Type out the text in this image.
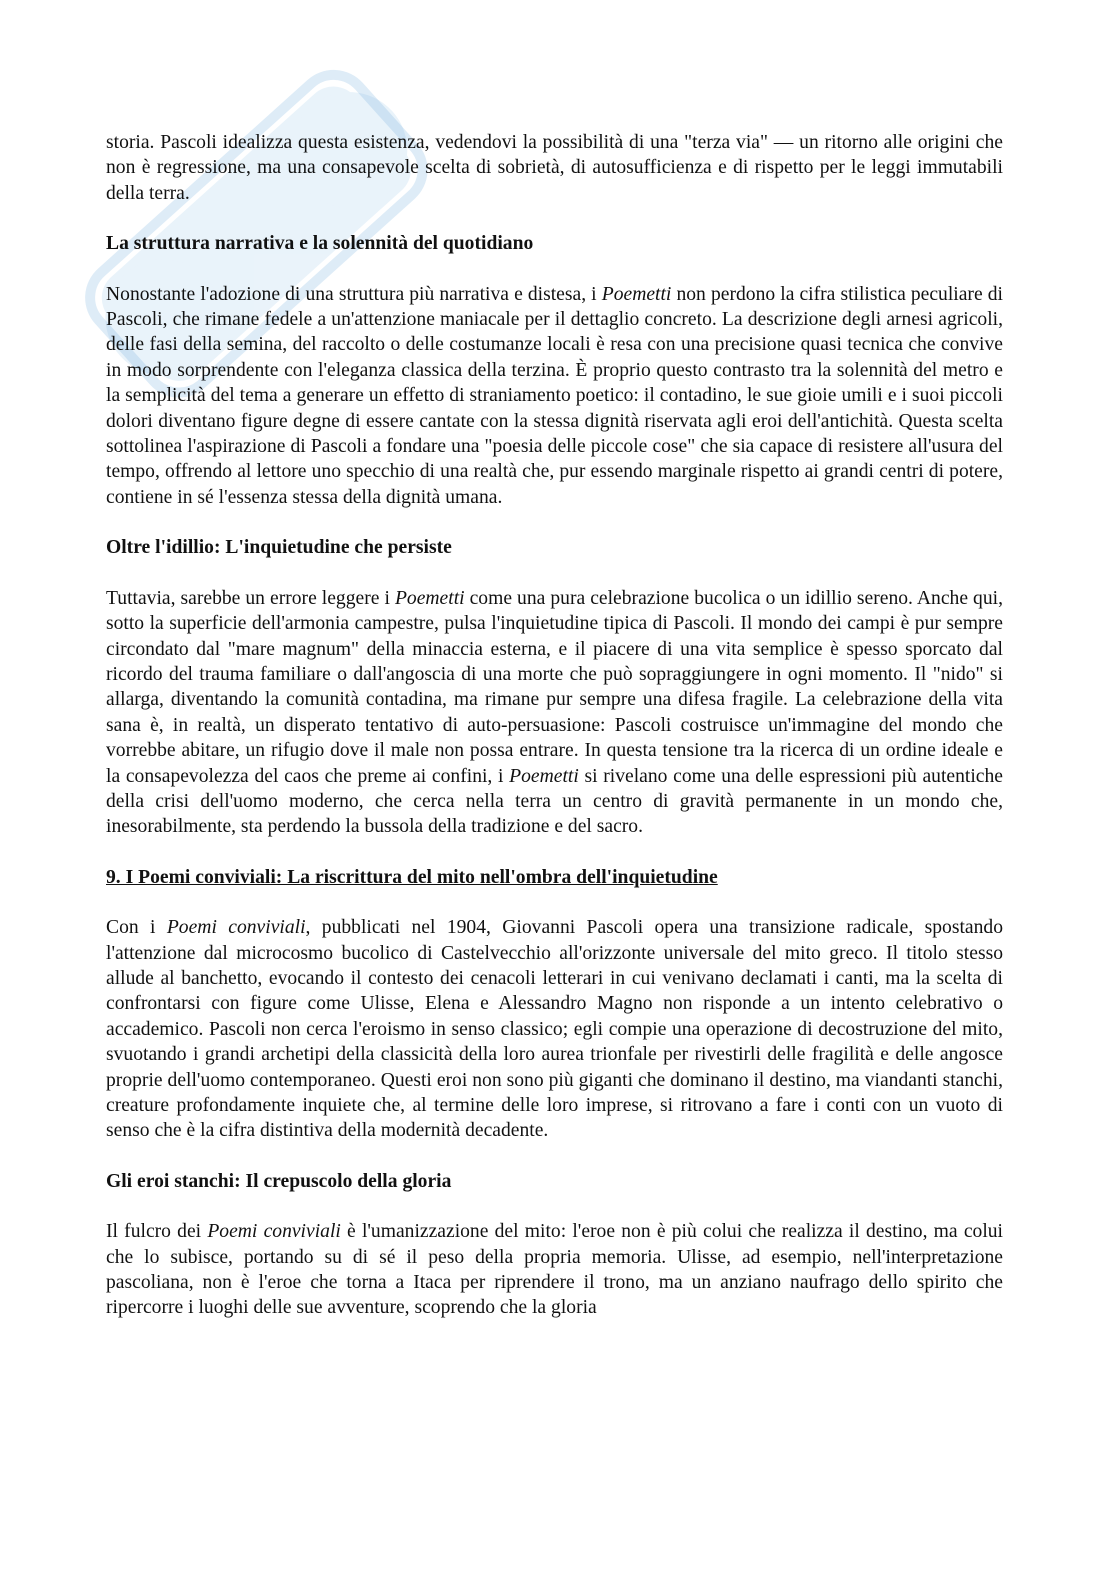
storia. Pascoli idealizza questa esistenza, vedendovi la possibilità di una "terza via" — un ritorno alle origini che non è regressione, ma una consapevole scelta di sobrietà, di autosufficienza e di rispetto per le leggi immutabili della terra.

La struttura narrativa e la solennità del quotidiano

Nonostante l'adozione di una struttura più narrativa e distesa, i Poemetti non perdono la cifra stilistica peculiare di Pascoli, che rimane fedele a un'attenzione maniacale per il dettaglio concreto. La descrizione degli arnesi agricoli, delle fasi della semina, del raccolto o delle costumanze locali è resa con una precisione quasi tecnica che convive in modo sorprendente con l'eleganza classica della terzina. È proprio questo contrasto tra la solennità del metro e la semplicità del tema a generare un effetto di straniamento poetico: il contadino, le sue gioie umili e i suoi piccoli dolori diventano figure degne di essere cantate con la stessa dignità riservata agli eroi dell'antichità. Questa scelta sottolinea l'aspirazione di Pascoli a fondare una "poesia delle piccole cose" che sia capace di resistere all'usura del tempo, offrendo al lettore uno specchio di una realtà che, pur essendo marginale rispetto ai grandi centri di potere, contiene in sé l'essenza stessa della dignità umana.

Oltre l'idillio: L'inquietudine che persiste

Tuttavia, sarebbe un errore leggere i Poemetti come una pura celebrazione bucolica o un idillio sereno. Anche qui, sotto la superficie dell'armonia campestre, pulsa l'inquietudine tipica di Pascoli. Il mondo dei campi è pur sempre circondato dal "mare magnum" della minaccia esterna, e il piacere di una vita semplice è spesso sporcato dal ricordo del trauma familiare o dall'angoscia di una morte che può sopraggiungere in ogni momento. Il "nido" si allarga, diventando la comunità contadina, ma rimane pur sempre una difesa fragile. La celebrazione della vita sana è, in realtà, un disperato tentativo di auto-persuasione: Pascoli costruisce un'immagine del mondo che vorrebbe abitare, un rifugio dove il male non possa entrare. In questa tensione tra la ricerca di un ordine ideale e la consapevolezza del caos che preme ai confini, i Poemetti si rivelano come una delle espressioni più autentiche della crisi dell'uomo moderno, che cerca nella terra un centro di gravità permanente in un mondo che, inesorabilmente, sta perdendo la bussola della tradizione e del sacro.

9. I Poemi conviviali: La riscrittura del mito nell'ombra dell'inquietudine

Con i Poemi conviviali, pubblicati nel 1904, Giovanni Pascoli opera una transizione radicale, spostando l'attenzione dal microcosmo bucolico di Castelvecchio all'orizzonte universale del mito greco. Il titolo stesso allude al banchetto, evocando il contesto dei cenacoli letterari in cui venivano declamati i canti, ma la scelta di confrontarsi con figure come Ulisse, Elena e Alessandro Magno non risponde a un intento celebrativo o accademico. Pascoli non cerca l'eroismo in senso classico; egli compie una operazione di decostruzione del mito, svuotando i grandi archetipi della classicità della loro aurea trionfale per rivestirli delle fragilità e delle angosce proprie dell'uomo contemporaneo. Questi eroi non sono più giganti che dominano il destino, ma viandanti stanchi, creature profondamente inquiete che, al termine delle loro imprese, si ritrovano a fare i conti con un vuoto di senso che è la cifra distintiva della modernità decadente.

Gli eroi stanchi: Il crepuscolo della gloria

Il fulcro dei Poemi conviviali è l'umanizzazione del mito: l'eroe non è più colui che realizza il destino, ma colui che lo subisce, portando su di sé il peso della propria memoria. Ulisse, ad esempio, nell'interpretazione pascoliana, non è l'eroe che torna a Itaca per riprendere il trono, ma un anziano naufrago dello spirito che ripercorre i luoghi delle sue avventure, scoprendo che la gloria
